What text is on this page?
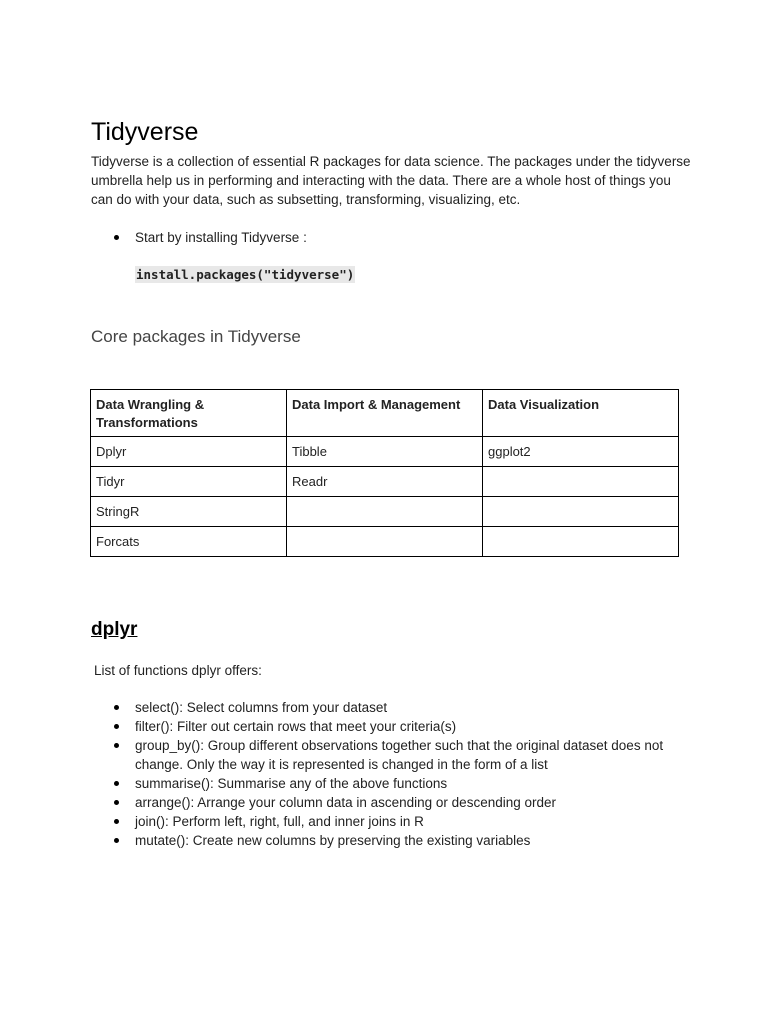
Tidyverse

Tidyverse is a collection of essential R packages for data science. The packages under the tidyverse umbrella help us in performing and interacting with the data. There are a whole host of things you can do with your data, such as subsetting, transforming, visualizing, etc.

Start by installing Tidyverse :
install.packages("tidyverse")
Core packages in Tidyverse
Data Wrangling & Transformations	Data Import & Management	Data Visualization
Dplyr	Tibble	ggplot2
Tidyr	Readr	
StringR		
Forcats		
dplyr

List of functions dplyr offers:

select(): Select columns from your dataset
filter(): Filter out certain rows that meet your criteria(s)
group_by(): Group different observations together such that the original dataset does not change. Only the way it is represented is changed in the form of a list
summarise(): Summarise any of the above functions
arrange(): Arrange your column data in ascending or descending order
join(): Perform left, right, full, and inner joins in R
mutate(): Create new columns by preserving the existing variables
